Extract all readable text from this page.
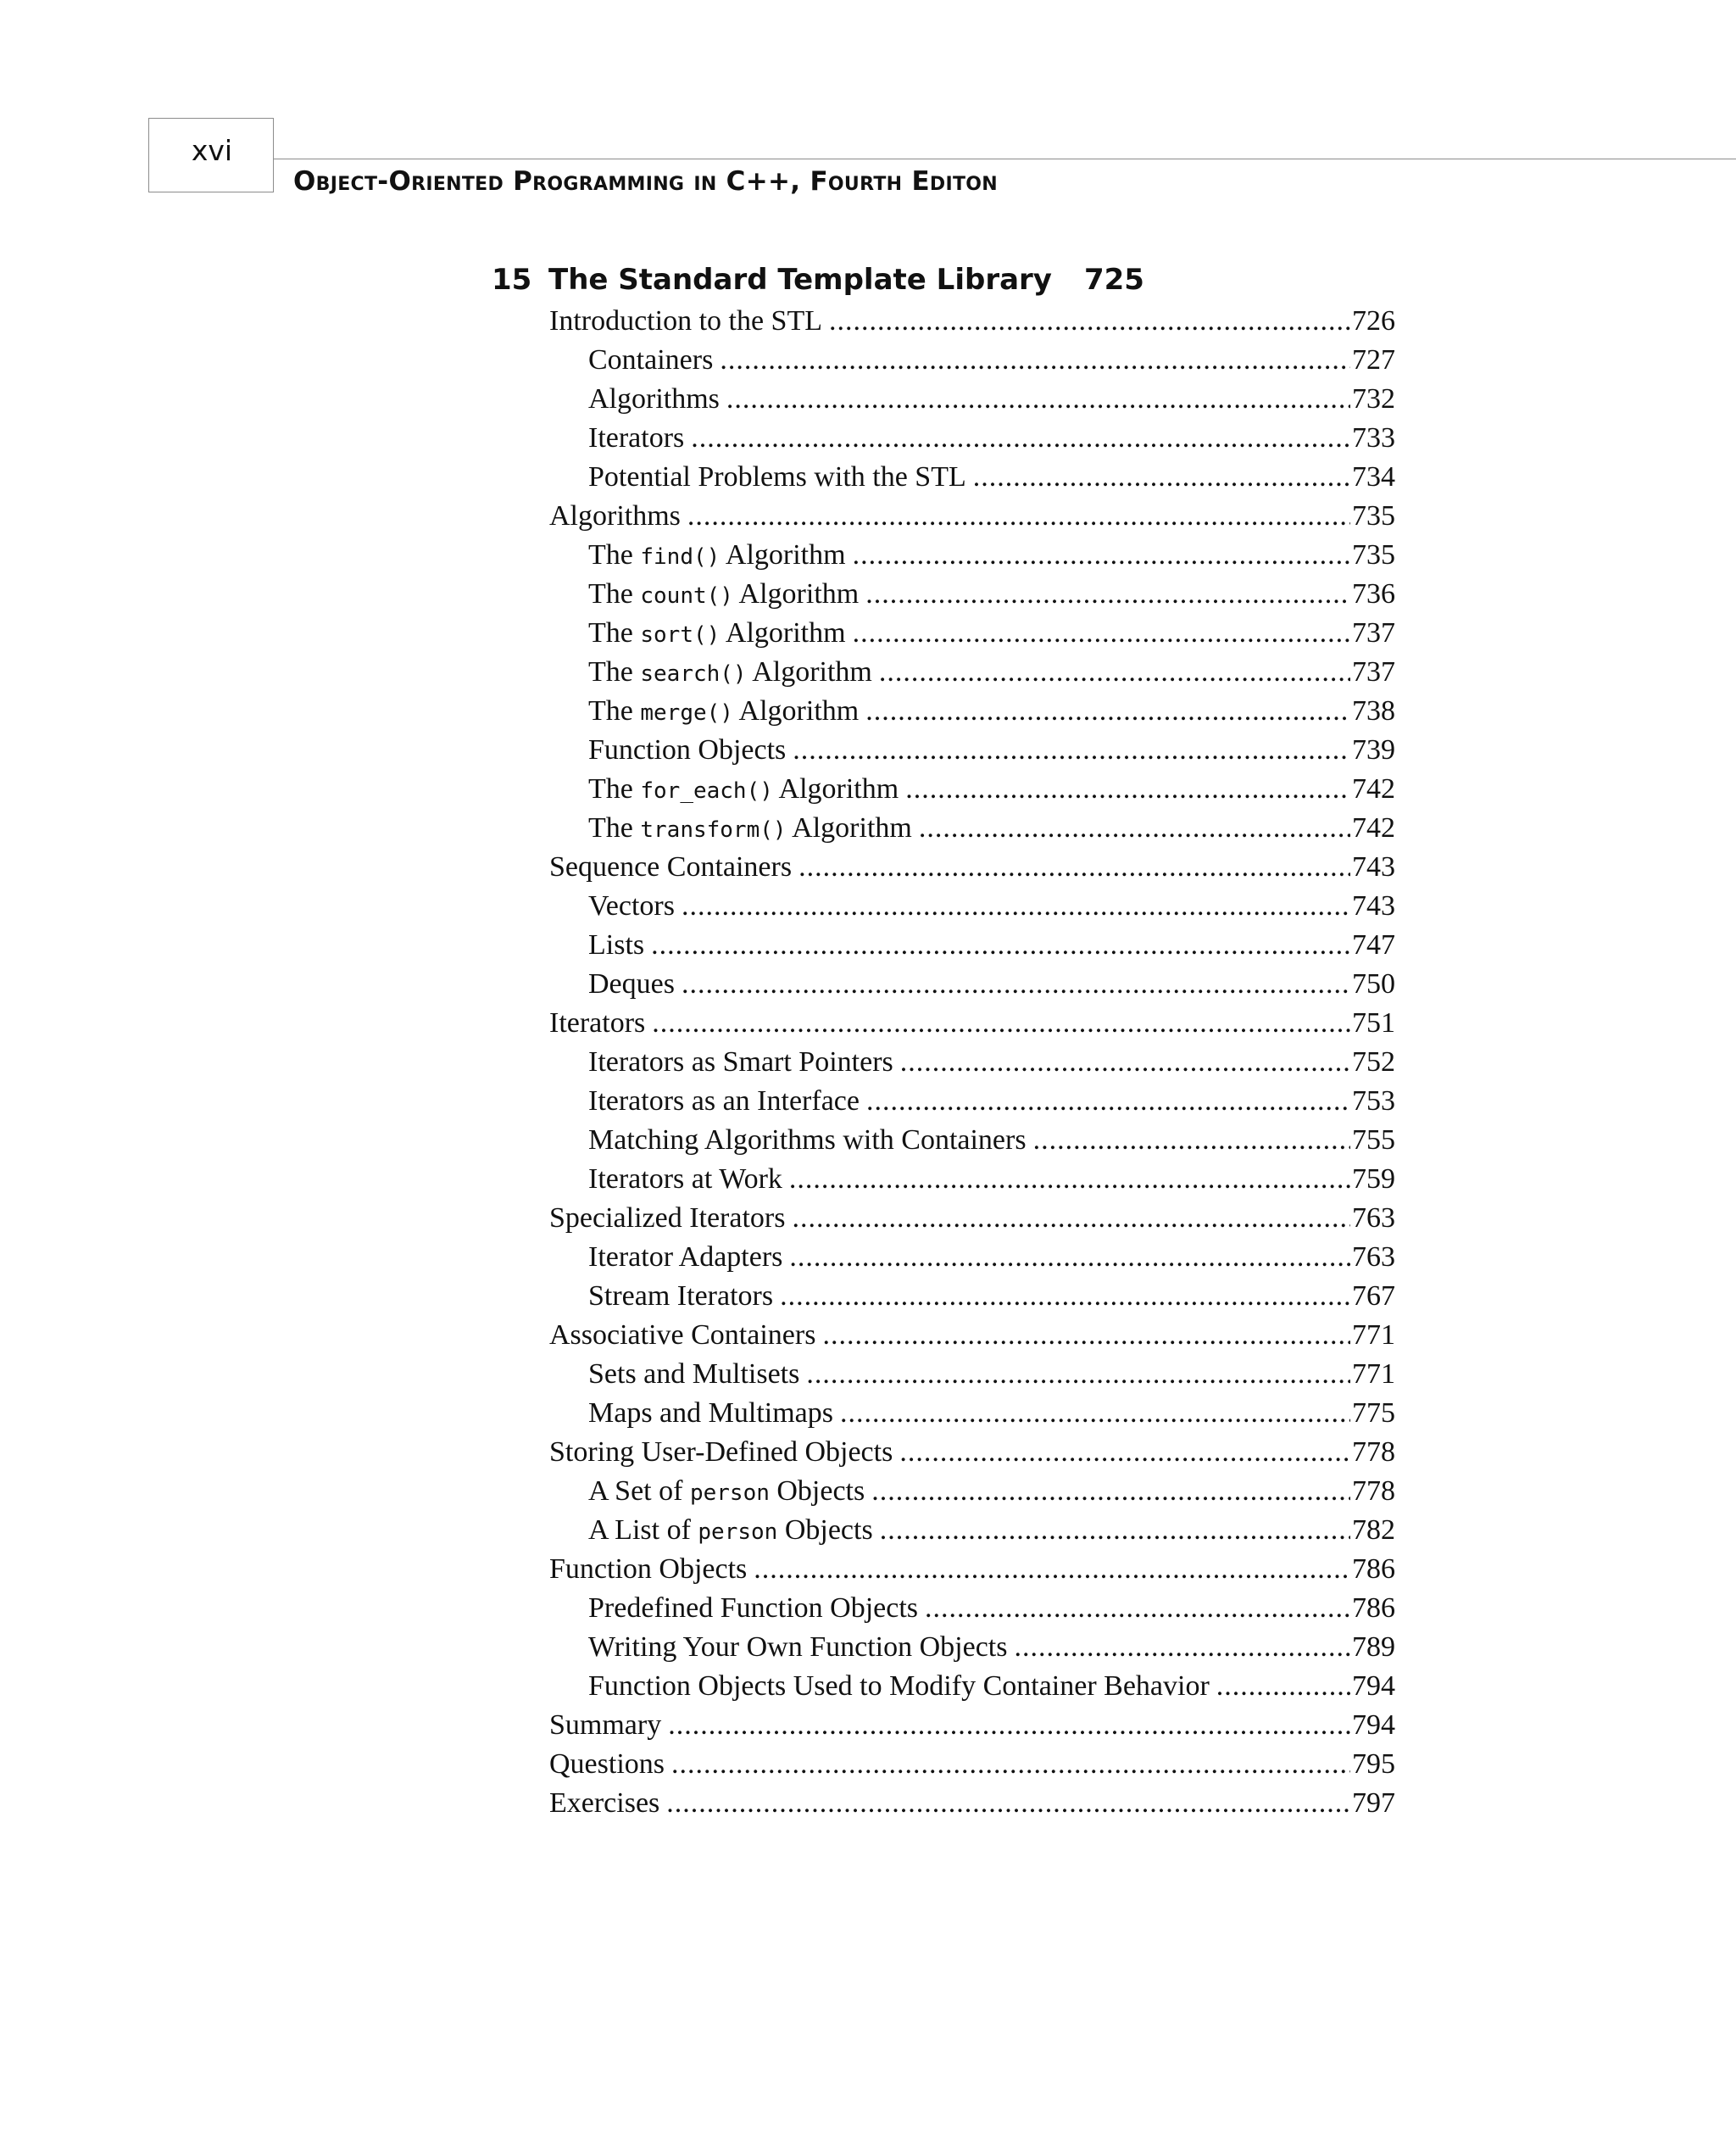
xvi
Object-Oriented Programming in C++, Fourth Editon
15 The Standard Template Library 725
Introduction to the STL .....	726
Containers .....	727
Algorithms .....	732
Iterators .....	733
Potential Problems with the STL .....	734
Algorithms .....	735
The find() Algorithm .....	735
The count() Algorithm .....	736
The sort() Algorithm .....	737
The search() Algorithm .....	737
The merge() Algorithm .....	738
Function Objects .....	739
The for_each() Algorithm .....	742
The transform() Algorithm .....	742
Sequence Containers .....	743
Vectors .....	743
Lists .....	747
Deques .....	750
Iterators .....	751
Iterators as Smart Pointers .....	752
Iterators as an Interface .....	753
Matching Algorithms with Containers .....	755
Iterators at Work .....	759
Specialized Iterators .....	763
Iterator Adapters .....	763
Stream Iterators .....	767
Associative Containers .....	771
Sets and Multisets .....	771
Maps and Multimaps .....	775
Storing User-Defined Objects .....	778
A Set of person Objects .....	778
A List of person Objects .....	782
Function Objects .....	786
Predefined Function Objects .....	786
Writing Your Own Function Objects .....	789
Function Objects Used to Modify Container Behavior .....	794
Summary .....	794
Questions .....	795
Exercises .....	797
